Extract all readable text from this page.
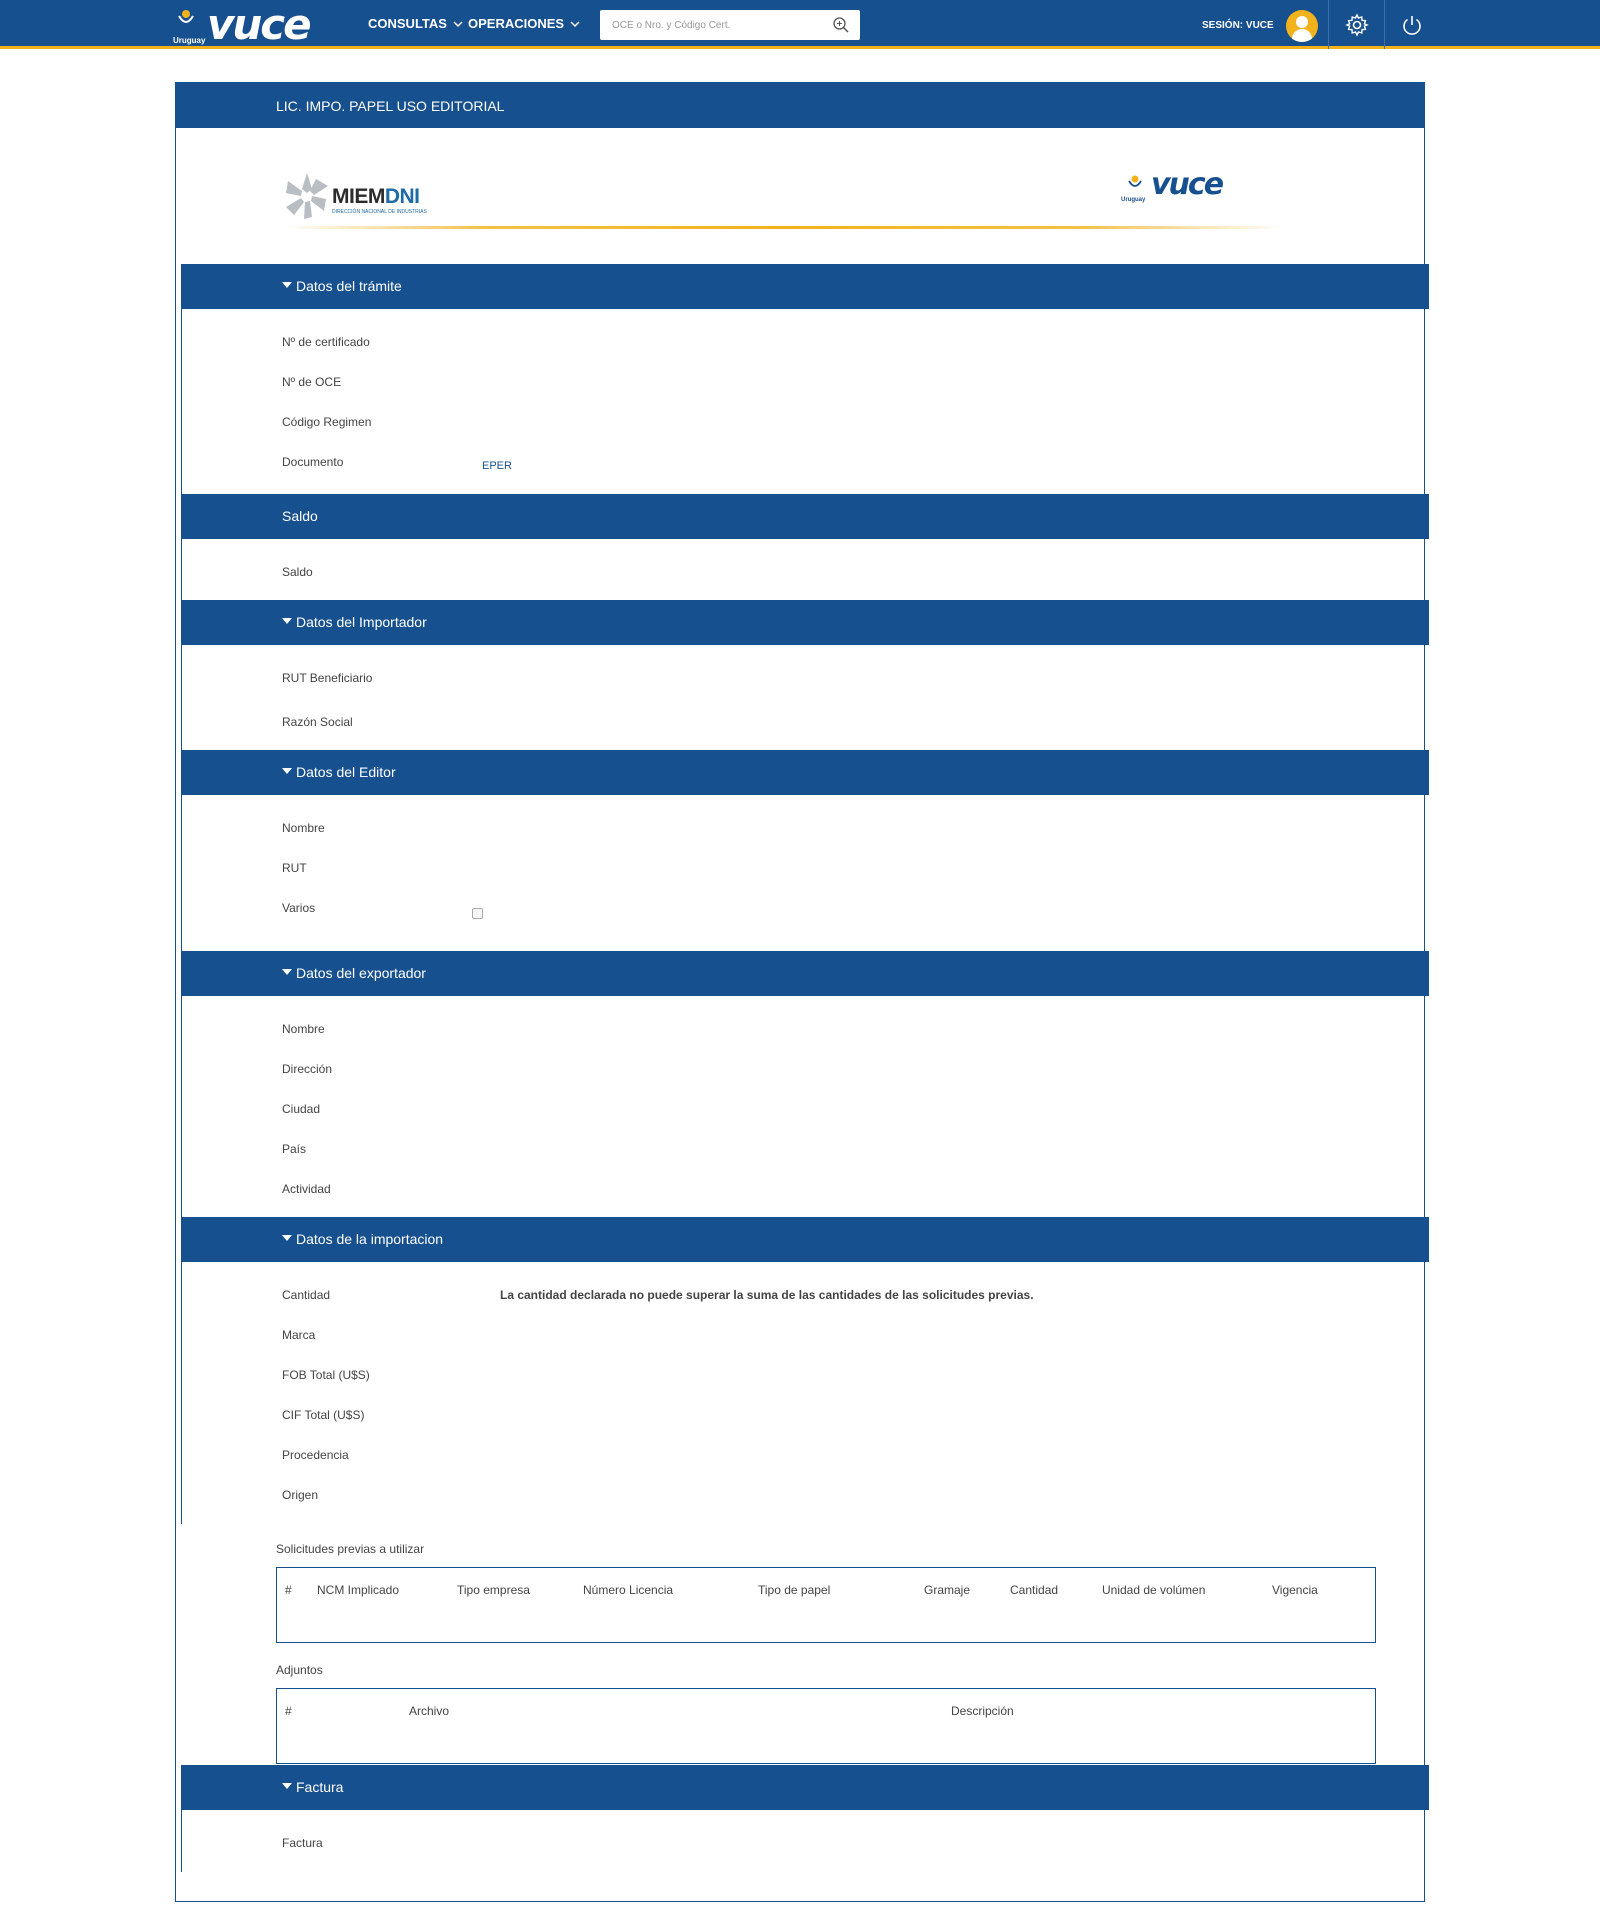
Uruguay vuce	CONSULTAS OPERACIONES
OCE o Nro. y Código Cert.	SESIÓN: VUCE
LIC. IMPO. PAPEL USO EDITORIAL
MIEMDNI
DIRECCIÓN NACIONAL DE INDUSTRIAS
Uruguay vuce
Datos del trámite
Nº de certificado
Nº de OCE
Código Regimen
Documento	EPER
Saldo
Saldo
Datos del Importador
RUT Beneficiario
Razón Social
Datos del Editor
Nombre
RUT
Varios
Datos del exportador
Nombre
Dirección
Ciudad
País
Actividad
Datos de la importacion
Cantidad	La cantidad declarada no puede superar la suma de las cantidades de las solicitudes previas.
Marca
FOB Total (U$S)
CIF Total (U$S)
Procedencia
Origen
Solicitudes previas a utilizar
# NCM Implicado	Tipo empresa	Número Licencia	Tipo de papel	Gramaje	Cantidad	Unidad de volúmen	Vigencia
Adjuntos
#	Archivo	Descripción
Factura
Factura
